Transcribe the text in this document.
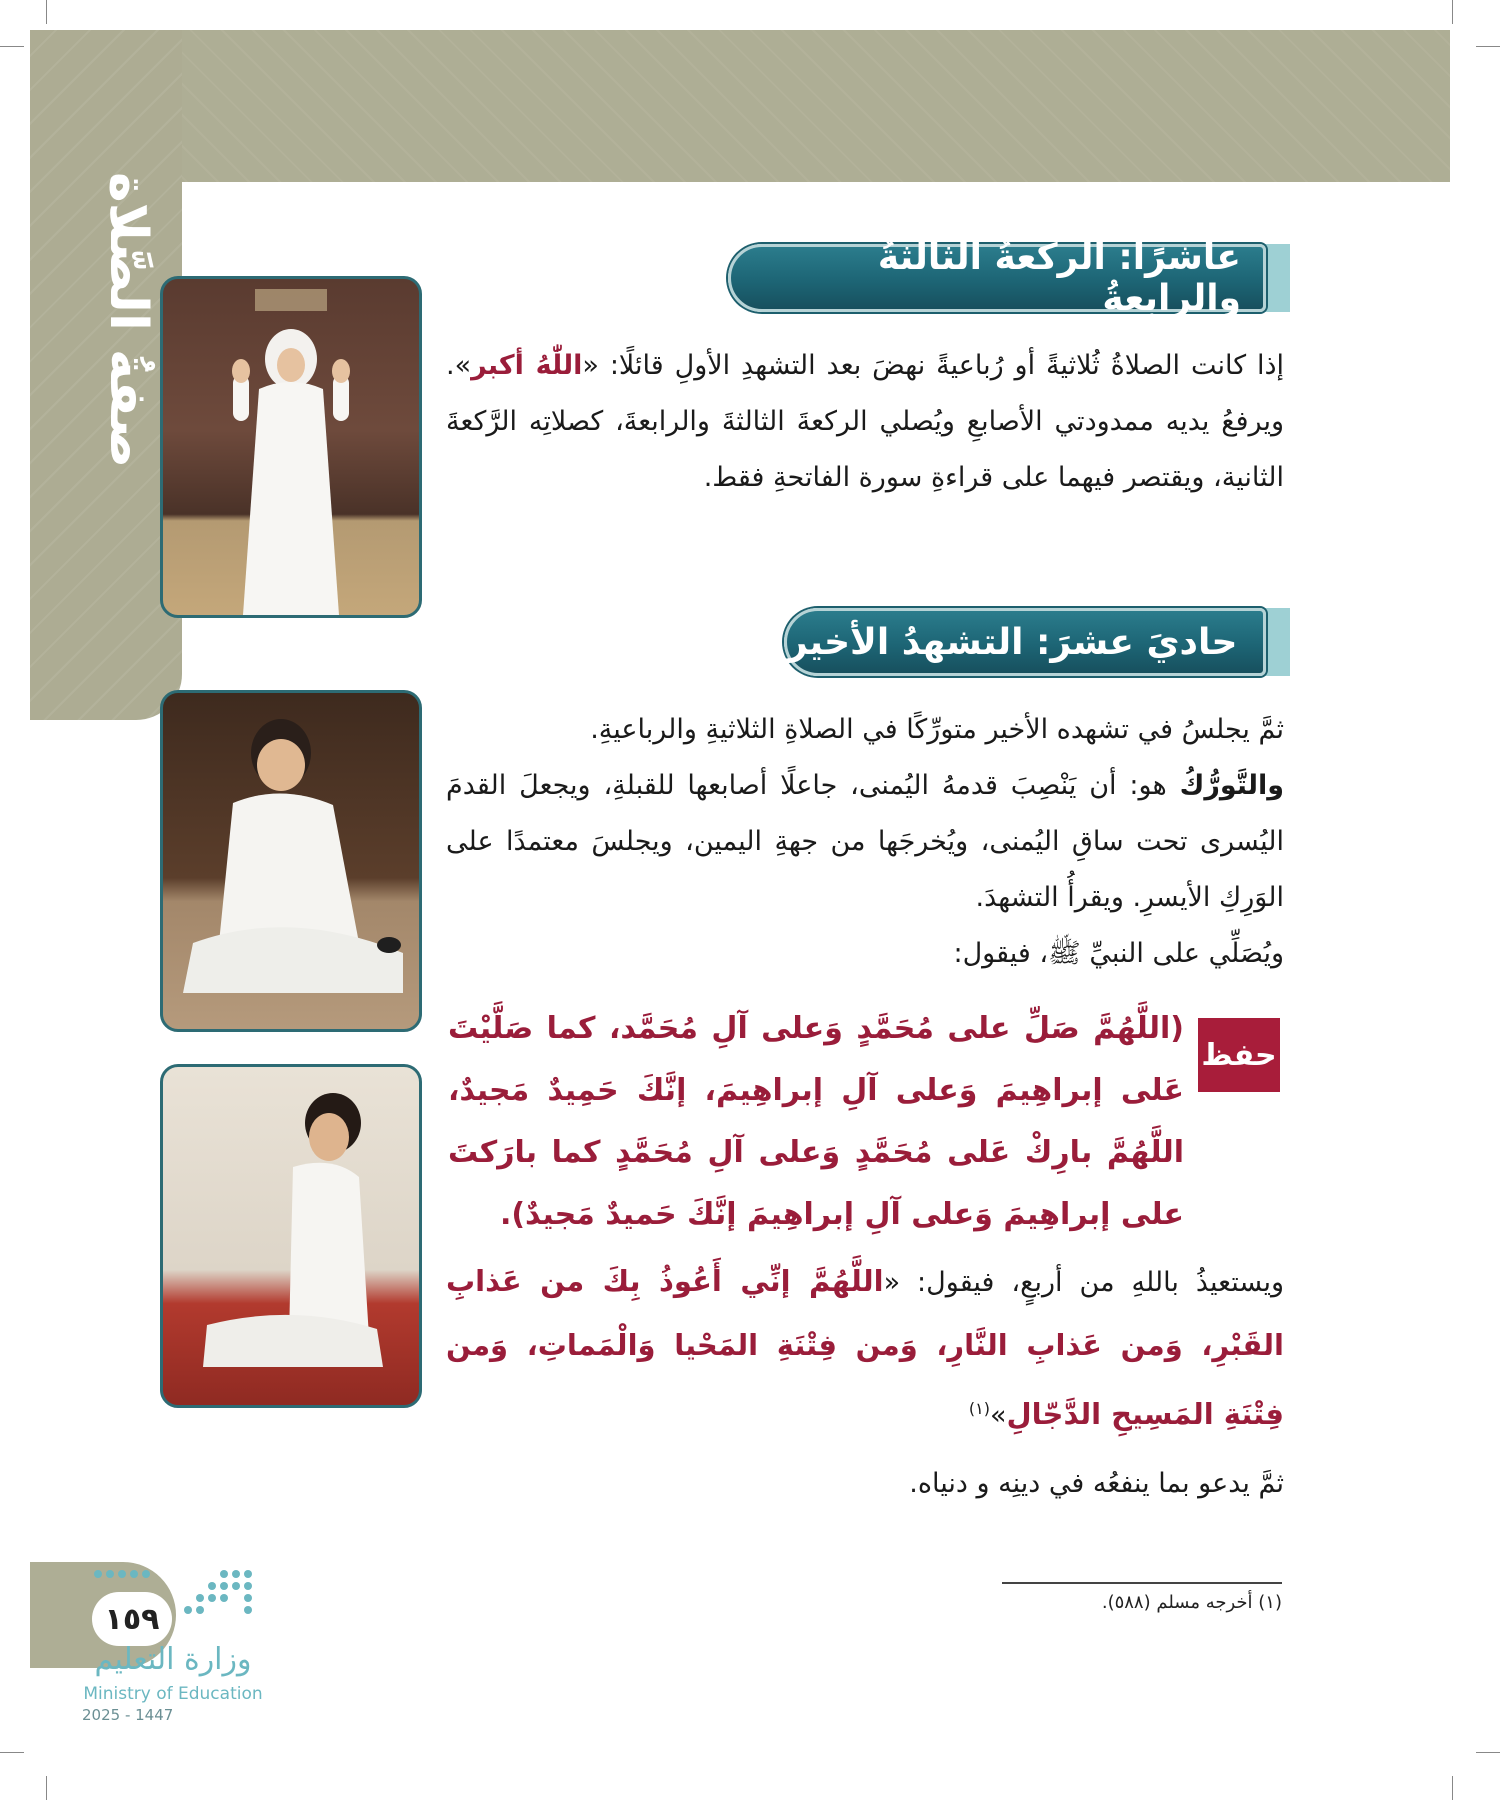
صفةُ الصَّلاة	عاشرًا: الركعةُ الثالثةُ والرابعةُ

إذا كانت الصلاةُ ثُلاثيةً أو رُباعيةً نهضَ بعد التشهدِ الأولِ قائلًا: «اللّٰهُ أكبر». ويرفعُ يديه ممدودتي الأصابعِ ويُصلي الركعةَ الثالثةَ والرابعةَ، كصلاتِه الرَّكعةَ الثانية، ويقتصر فيهما على قراءةِ سورة الفاتحةِ فقط.

حاديَ عشرَ: التشهدُ الأخير

ثمَّ يجلسُ في تشهده الأخير متورِّكًا في الصلاةِ الثلاثيةِ والرباعيةِ.

والتَّورُّكُ هو: أن يَنْصِبَ قدمهُ اليُمنى، جاعلًا أصابعها للقبلةِ، ويجعلَ القدمَ اليُسرى تحت ساقِ اليُمنى، ويُخرجَها من جهةِ اليمين، ويجلسَ معتمدًا على الوَرِكِ الأيسرِ. ويقرأُ التشهدَ.

ويُصَلِّي على النبيِّ ﷺ، فيقول:

حفظ
(اللَّهُمَّ صَلِّ على مُحَمَّدٍ وَعلى آلِ مُحَمَّد، كما صَلَّيْتَ عَلى إبراهِيمَ وَعلى آلِ إبراهِيمَ، إنَّكَ حَمِيدٌ مَجيدٌ، اللَّهُمَّ بارِكْ عَلى مُحَمَّدٍ وَعلى آلِ مُحَمَّدٍ كما بارَكتَ على إبراهِيمَ وَعلى آلِ إبراهِيمَ إنَّكَ حَميدٌ مَجيدٌ).

ويستعيذُ باللهِ من أربعٍ، فيقول: «اللَّهُمَّ إنِّي أَعُوذُ بِكَ من عَذابِ القَبْرِ، وَمن عَذابِ النَّارِ، وَمن فِتْنَةِ المَحْيا وَالْمَماتِ، وَمن فِتْنَةِ المَسِيحِ الدَّجّالِ»$^{(١)}$

ثمَّ يدعو بما ينفعُه في دينِه و دنياه.

(١) أخرجه مسلم (٥٨٨).
١٥٩
وزارة التعليم
Ministry of Education
2025 - 1447
